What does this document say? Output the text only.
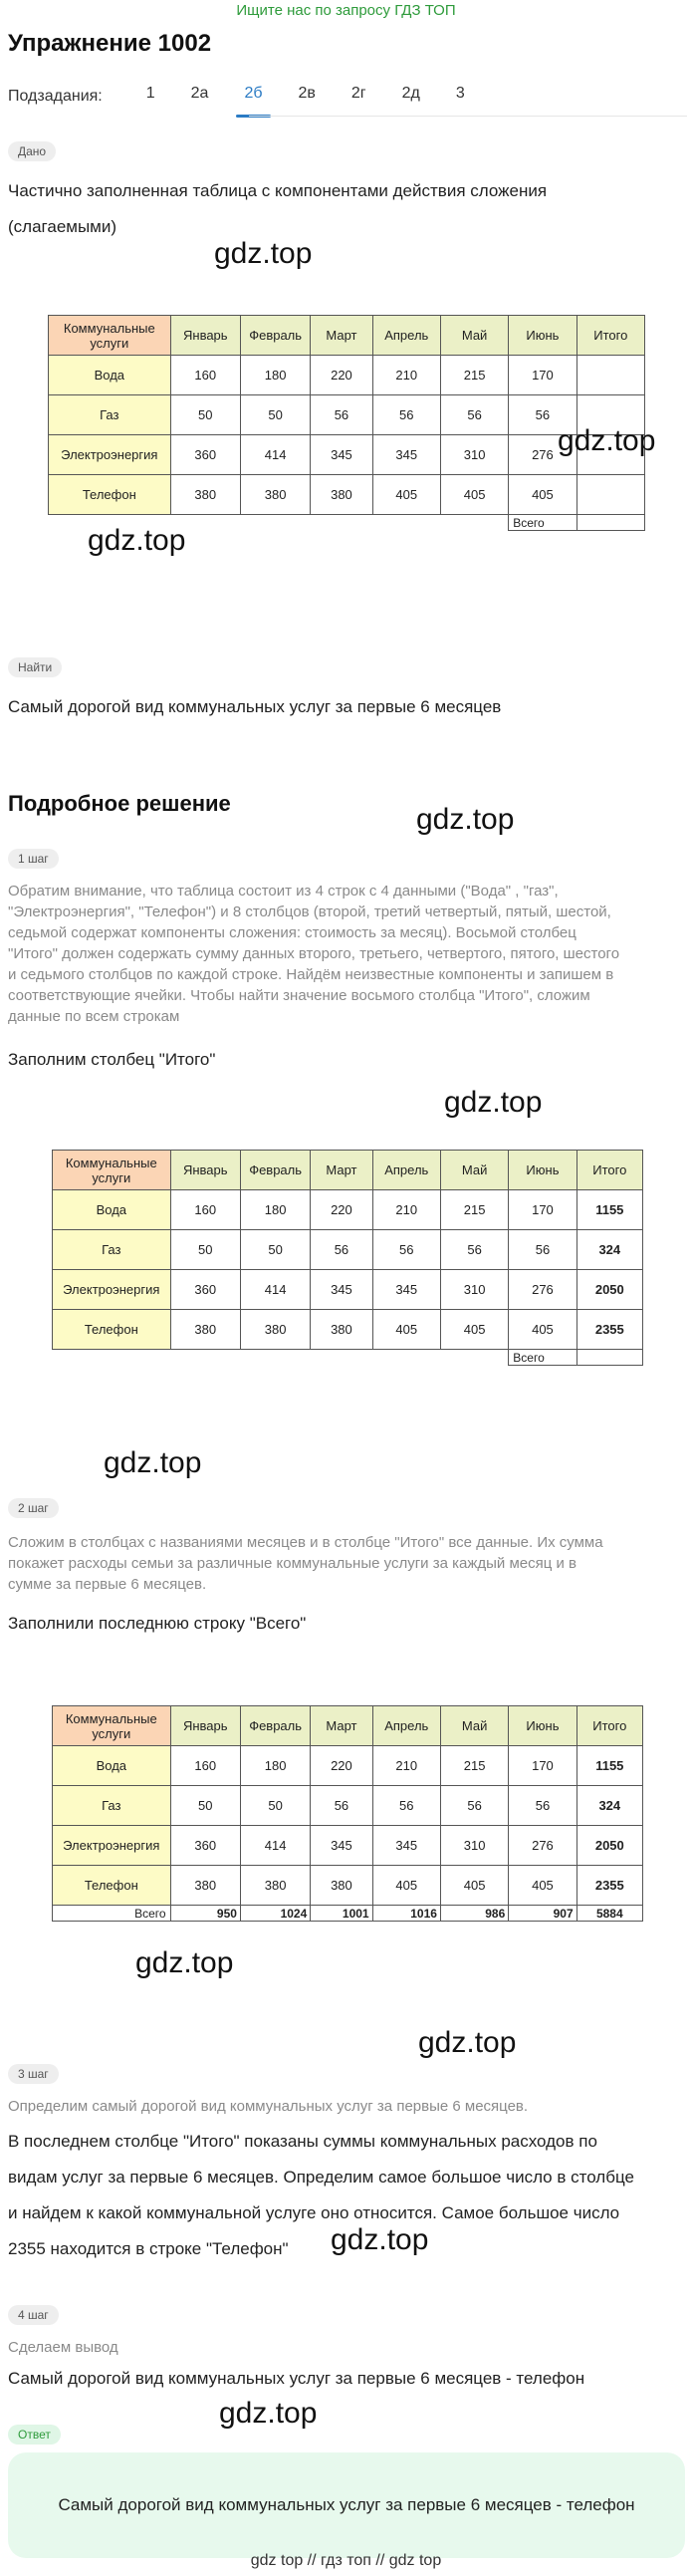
Ищите нас по запросу ГДЗ ТОП
Упражнение 1002
Подзадания:	1	2а	2б	2в	2г	2д	3
Дано
Частично заполненная таблица с компонентами действия сложения
(слагаемыми)
gdz.top
Коммунальные услуги	Январь	Февраль	Март	Апрель	Май	Июнь	Итого
Вода	160	180	220	210	215	170	
Газ	50	50	56	56	56	56	
Электроэнергия	360	414	345	345	310	276	
Телефон	380	380	380	405	405	405	
						Всего	
gdz.top
gdz.top
Найти
Самый дорогой вид коммунальных услуг за первые 6 месяцев
Подробное решение	gdz.top
1 шаг
Обратим внимание, что таблица состоит из 4 строк с 4 данными ("Вода" , "газ",
"Электроэнергия", "Телефон") и 8 столбцов (второй, третий четвертый, пятый, шестой,
седьмой содержат компоненты сложения: стоимость за месяц). Восьмой столбец
"Итого" должен содержать сумму данных второго, третьего, четвертого, пятого, шестого
и седьмого столбцов по каждой строке. Найдём неизвестные компоненты и запишем в
соответствующие ячейки. Чтобы найти значение восьмого столбца "Итого", сложим
данные по всем строкам
Заполним столбец "Итого"
gdz.top
Коммунальные услуги	Январь	Февраль	Март	Апрель	Май	Июнь	Итого
Вода	160	180	220	210	215	170	1155
Газ	50	50	56	56	56	56	324
Электроэнергия	360	414	345	345	310	276	2050
Телефон	380	380	380	405	405	405	2355
						Всего	
gdz.top
2 шаг
Сложим в столбцах с названиями месяцев и в столбце "Итого" все данные. Их сумма
покажет расходы семьи за различные коммунальные услуги за каждый месяц и в
сумме за первые 6 месяцев.
Заполнили последнюю строку "Всего"
Коммунальные услуги	Январь	Февраль	Март	Апрель	Май	Июнь	Итого
Вода	160	180	220	210	215	170	1155
Газ	50	50	56	56	56	56	324
Электроэнергия	360	414	345	345	310	276	2050
Телефон	380	380	380	405	405	405	2355
Всего	950	1024	1001	1016	986	907	5884
gdz.top
gdz.top
3 шаг
Определим самый дорогой вид коммунальных услуг за первые 6 месяцев.
В последнем столбце "Итого" показаны суммы коммунальных расходов по
видам услуг за первые 6 месяцев. Определим самое большое число в столбце
и найдем к какой коммунальной услуге оно относится. Самое большое число
2355 находится в строке "Телефон"	gdz.top
4 шаг
Сделаем вывод
Самый дорогой вид коммунальных услуг за первые 6 месяцев - телефон
gdz.top
Ответ
Самый дорогой вид коммунальных услуг за первые 6 месяцев - телефон
gdz top // гдз топ // gdz top
